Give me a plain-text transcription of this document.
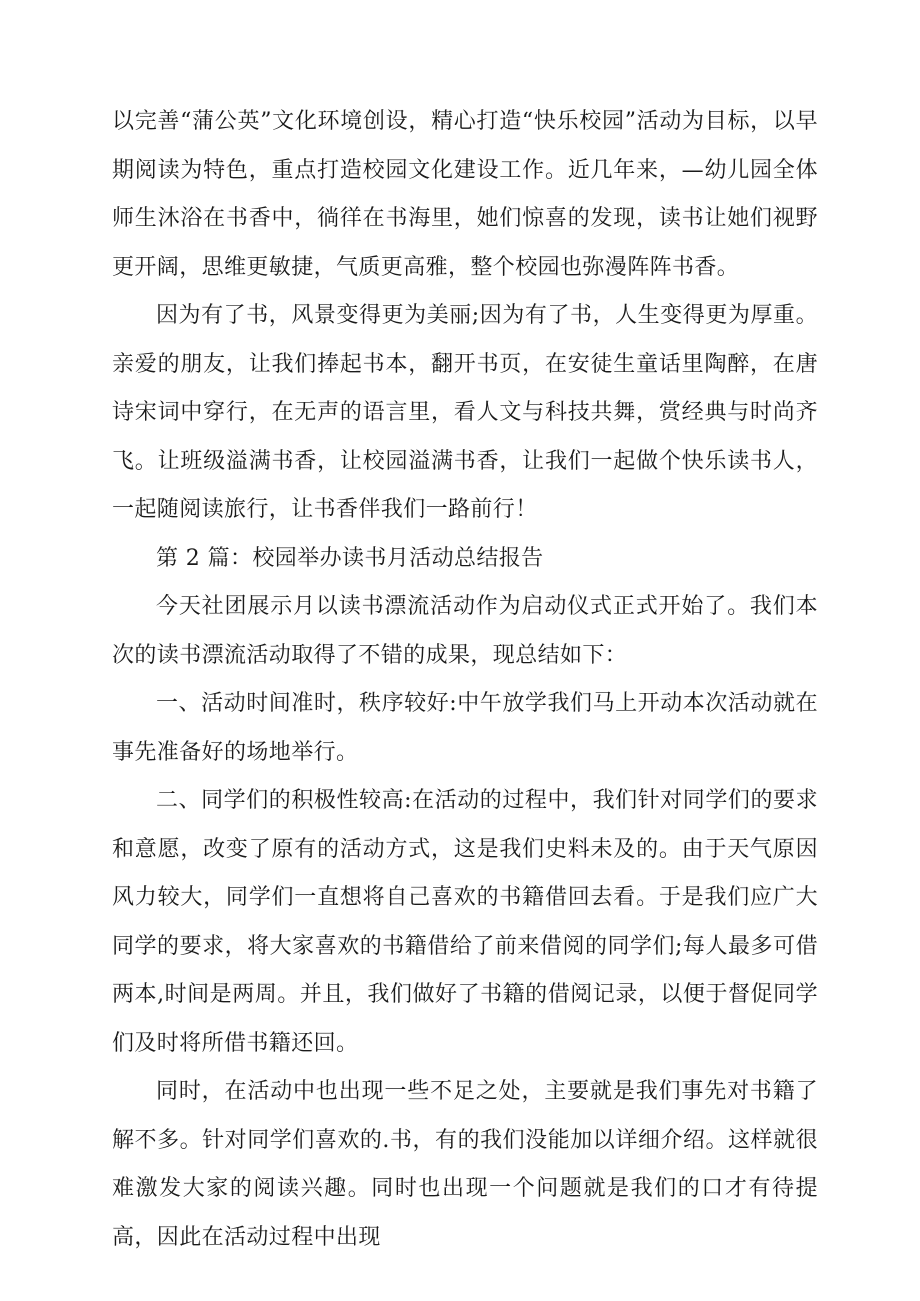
以完善“蒲公英”文化环境创设，精心打造“快乐校园”活动为目标，以早期阅读为特色，重点打造校园文化建设工作。近几年来，—幼儿园全体师生沐浴在书香中，徜徉在书海里，她们惊喜的发现，读书让她们视野更开阔，思维更敏捷，气质更高雅，整个校园也弥漫阵阵书香。

因为有了书，风景变得更为美丽;因为有了书，人生变得更为厚重。亲爱的朋友，让我们捧起书本，翻开书页，在安徒生童话里陶醉，在唐诗宋词中穿行，在无声的语言里，看人文与科技共舞，赏经典与时尚齐飞。让班级溢满书香，让校园溢满书香，让我们一起做个快乐读书人，一起随阅读旅行，让书香伴我们一路前行！

第 2 篇：校园举办读书月活动总结报告

今天社团展示月以读书漂流活动作为启动仪式正式开始了。我们本次的读书漂流活动取得了不错的成果，现总结如下：

一、活动时间准时，秩序较好:中午放学我们马上开动本次活动就在事先准备好的场地举行。

二、同学们的积极性较高:在活动的过程中，我们针对同学们的要求和意愿，改变了原有的活动方式，这是我们史料未及的。由于天气原因风力较大，同学们一直想将自己喜欢的书籍借回去看。于是我们应广大同学的要求，将大家喜欢的书籍借给了前来借阅的同学们;每人最多可借两本,时间是两周。并且，我们做好了书籍的借阅记录，以便于督促同学们及时将所借书籍还回。

同时，在活动中也出现一些不足之处，主要就是我们事先对书籍了解不多。针对同学们喜欢的.书，有的我们没能加以详细介绍。这样就很难激发大家的阅读兴趣。同时也出现一个问题就是我们的口才有待提高，因此在活动过程中出现
